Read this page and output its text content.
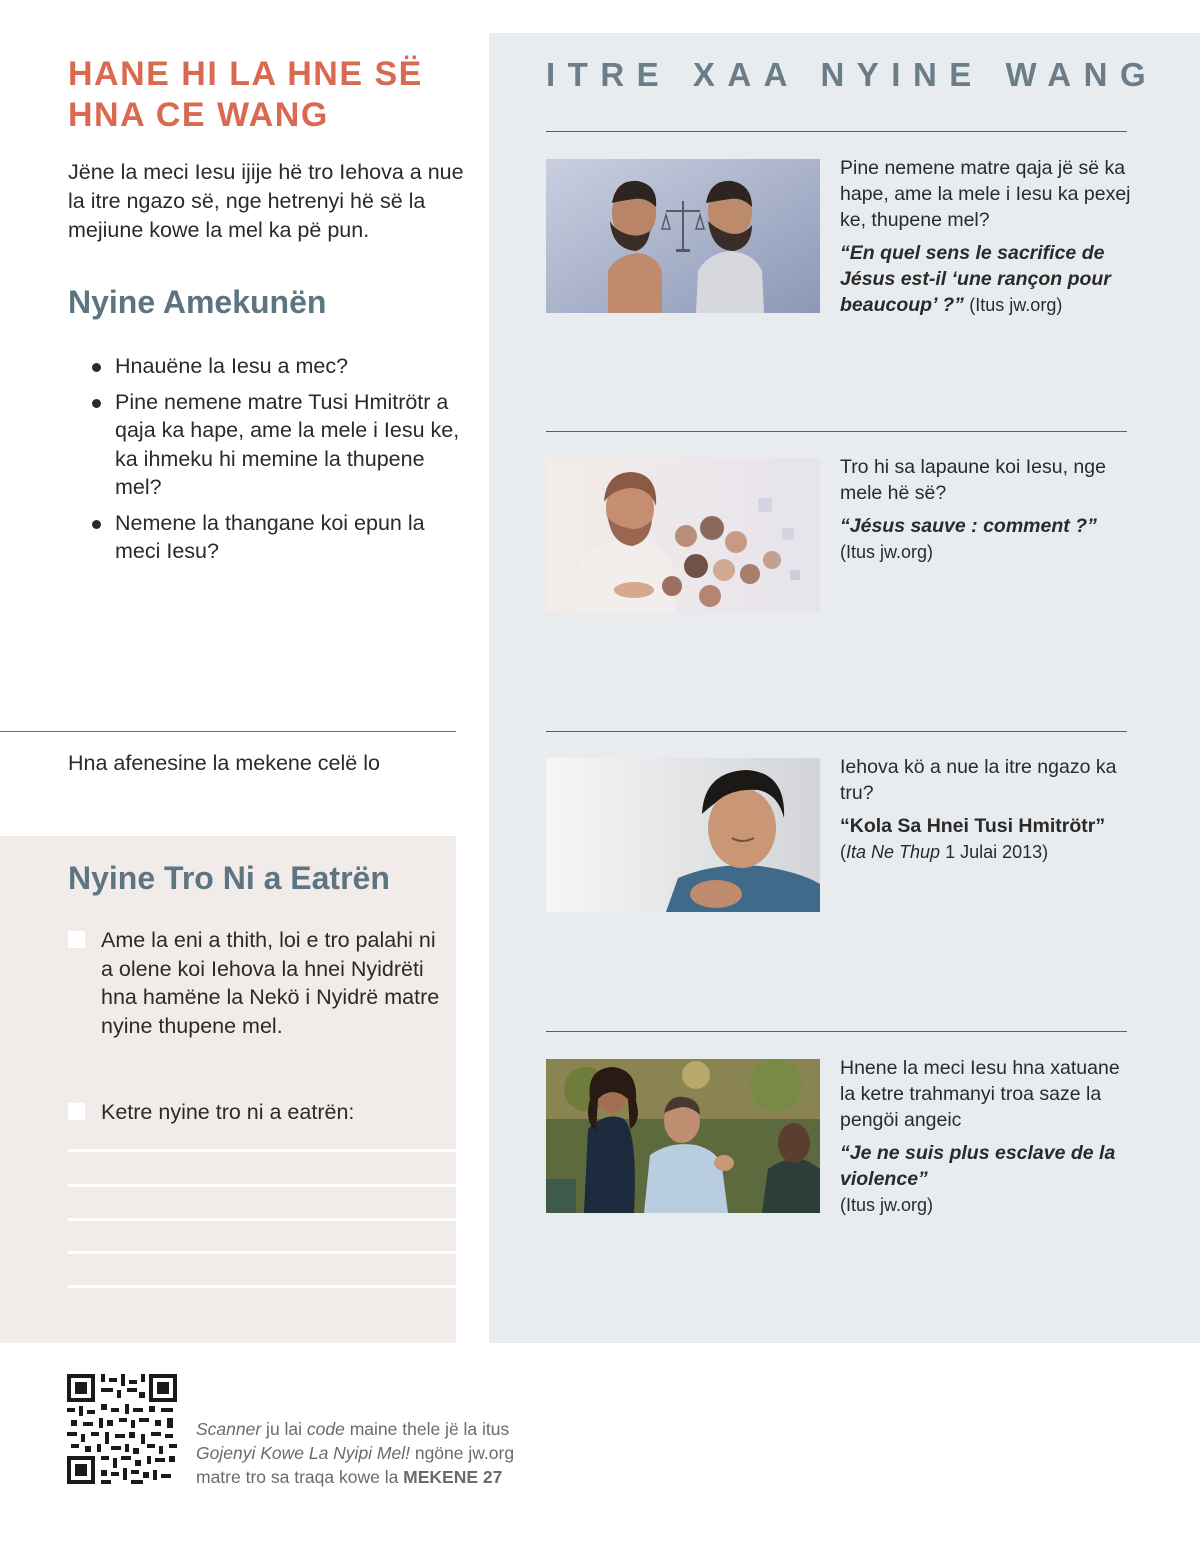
HANE HI LA HNE SË HNA CE WANG

Jëne la meci Iesu ijije hë tro Iehova a nue la itre ngazo së, nge hetrenyi hë së la mejiune kowe la mel ka pë pun.

Nyine Amekunën
Hnauëne la Iesu a mec?
Pine nemene matre Tusi Hmitrötr a qaja ka hape, ame la mele i Iesu ke, ka ihmeku hi memine la thupene mel?
Nemene la thangane koi epun la meci Iesu?
Hna afenesine la mekene celë lo
Nyine Tro Ni a Eatrën
Ame la eni a thith, loi e tro palahi ni a olene koi Iehova la hnei Nyidrëti hna hamëne la Nekö i Nyidrë matre nyine thupene mel.
Ketre nyine tro ni a eatrën:
ITRE XAA NYINE WANG
Pine nemene matre qaja jë së ka hape, ame la mele i Iesu ka pexej ke, thupene mel?
“En quel sens le sacrifice de Jésus est-il ‘une rançon pour beaucoup’ ?” (Itus jw.org)
Tro hi sa lapaune koi Iesu, nge mele hë së?
“Jésus sauve : comment ?”
(Itus jw.org)
Iehova kö a nue la itre ngazo ka tru?
“Kola Sa Hnei Tusi Hmitrötr”
(Ita Ne Thup 1 Julai 2013)
Hnene la meci Iesu hna xatuane la ketre trahmanyi troa saze la pengöi angeic
“Je ne suis plus esclave de la violence”
(Itus jw.org)
Scanner ju lai code maine thele jë la itus
Gojenyi Kowe La Nyipi Mel! ngöne jw.org
matre tro sa traqa kowe la MEKENE 27
